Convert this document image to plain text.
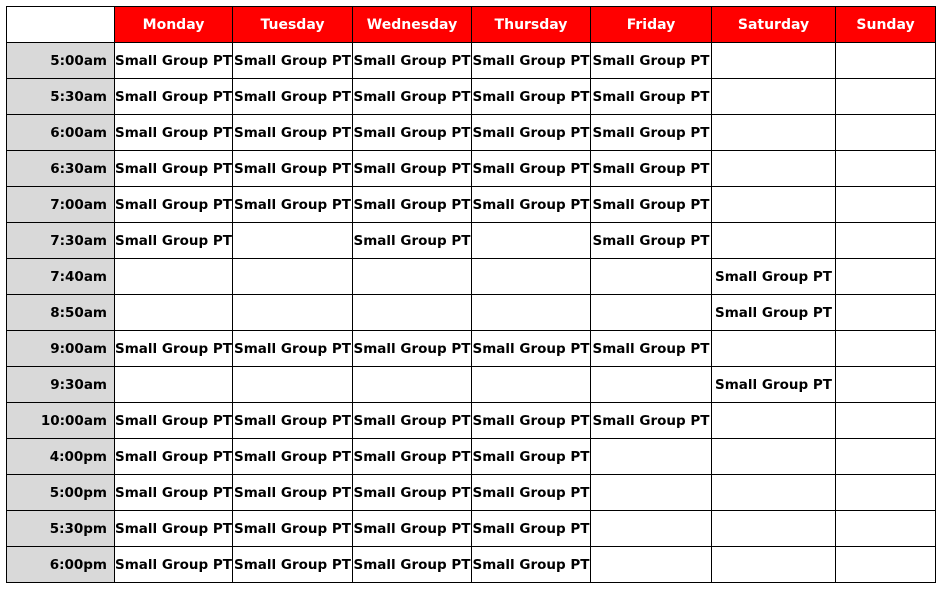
	Monday	Tuesday	Wednesday	Thursday	Friday	Saturday	Sunday
5:00am	Small Group PT	Small Group PT	Small Group PT	Small Group PT	Small Group PT		
5:30am	Small Group PT	Small Group PT	Small Group PT	Small Group PT	Small Group PT		
6:00am	Small Group PT	Small Group PT	Small Group PT	Small Group PT	Small Group PT		
6:30am	Small Group PT	Small Group PT	Small Group PT	Small Group PT	Small Group PT		
7:00am	Small Group PT	Small Group PT	Small Group PT	Small Group PT	Small Group PT		
7:30am	Small Group PT		Small Group PT		Small Group PT		
7:40am						Small Group PT	
8:50am						Small Group PT	
9:00am	Small Group PT	Small Group PT	Small Group PT	Small Group PT	Small Group PT		
9:30am						Small Group PT	
10:00am	Small Group PT	Small Group PT	Small Group PT	Small Group PT	Small Group PT		
4:00pm	Small Group PT	Small Group PT	Small Group PT	Small Group PT			
5:00pm	Small Group PT	Small Group PT	Small Group PT	Small Group PT			
5:30pm	Small Group PT	Small Group PT	Small Group PT	Small Group PT			
6:00pm	Small Group PT	Small Group PT	Small Group PT	Small Group PT			
